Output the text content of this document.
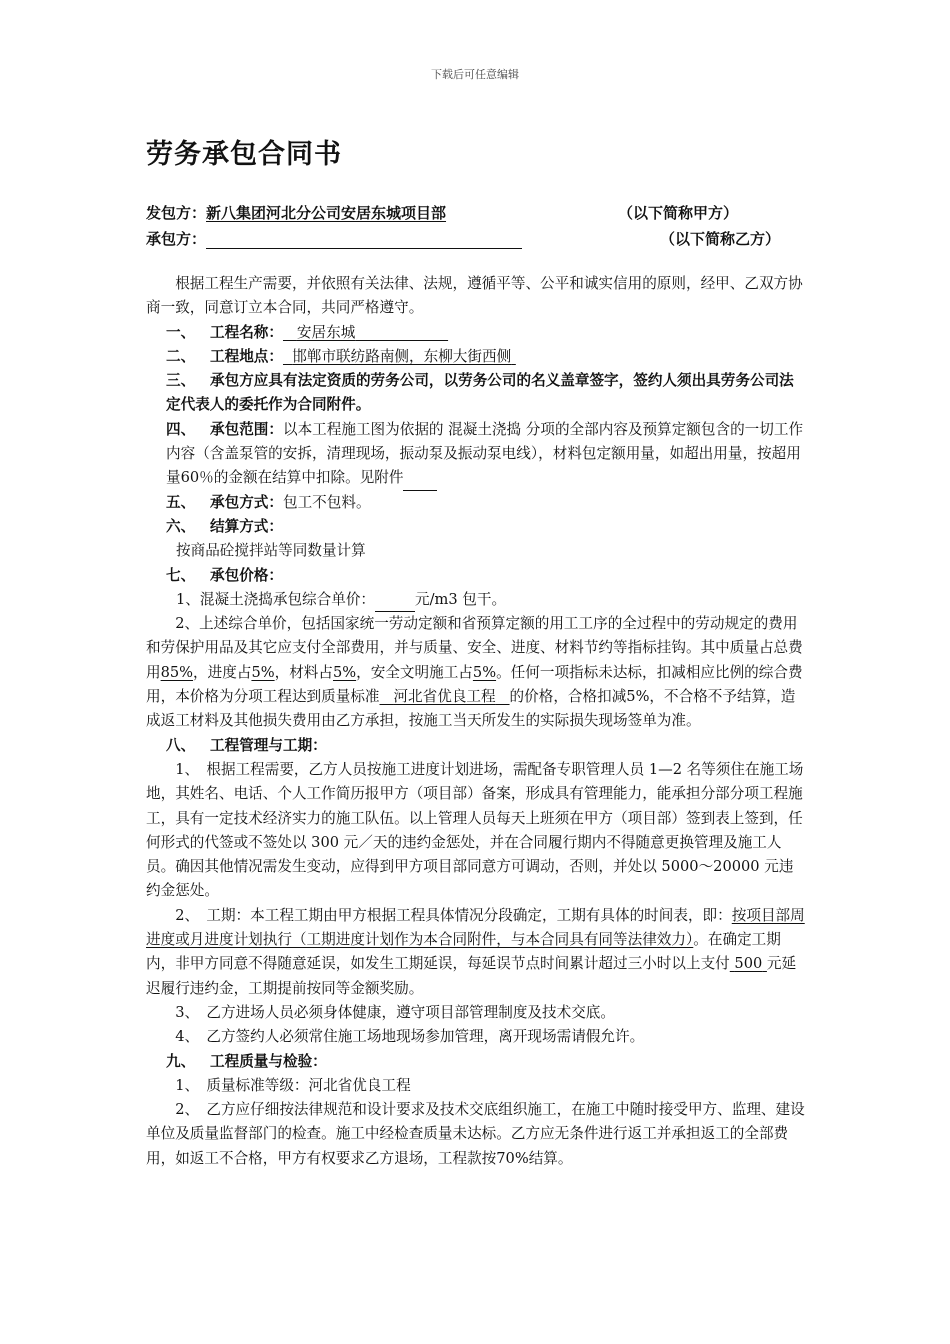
下载后可任意编辑
劳务承包合同书
发包方：新八集团河北分公司安居东城项目部	（以下简称甲方）
承包方：	（以下简称乙方）

根据工程生产需要，并依照有关法律、法规，遵循平等、公平和诚实信用的原则，经甲、乙双方协商一致，同意订立本合同，共同严格遵守。

一、 工程名称： 安居东城

二、 工程地点： 邯郸市联纺路南侧，东柳大街西侧

三、 承包方应具有法定资质的劳务公司，以劳务公司的名义盖章签字，签约人须出具劳务公司法定代表人的委托作为合同附件。

四、 承包范围：以本工程施工图为依据的 混凝土浇捣 分项的全部内容及预算定额包含的一切工作内容（含盖泵管的安拆，清理现场，振动泵及振动泵电线），材料包定额用量，如超出用量，按超用量60％的金额在结算中扣除。见附件

五、 承包方式：包工不包料。

六、 结算方式：

按商品砼搅拌站等同数量计算

七、 承包价格：

1、混凝土浇捣承包综合单价：	元/m3 包干。

2、上述综合单价，包括国家统一劳动定额和省预算定额的用工工序的全过程中的劳动规定的费用和劳保护用品及其它应支付全部费用，并与质量、安全、进度、材料节约等指标挂钩。其中质量占总费用85%，进度占5%，材料占5%，安全文明施工占5%。任何一项指标未达标，扣减相应比例的综合费用，本价格为分项工程达到质量标准 河北省优良工程 的价格，合格扣减5%，不合格不予结算，造成返工材料及其他损失费用由乙方承担，按施工当天所发生的实际损失现场签单为准。

八、 工程管理与工期：

1、　根据工程需要，乙方人员按施工进度计划进场，需配备专职管理人员 1—2 名等须住在施工场地，其姓名、电话、个人工作简历报甲方（项目部）备案，形成具有管理能力，能承担分部分项工程施工，具有一定技术经济实力的施工队伍。以上管理人员每天上班须在甲方（项目部）签到表上签到，任何形式的代签或不签处以 300 元／天的违约金惩处，并在合同履行期内不得随意更换管理及施工人员。确因其他情况需发生变动，应得到甲方项目部同意方可调动，否则，并处以 5000～20000 元违约金惩处。

2、　工期：本工程工期由甲方根据工程具体情况分段确定，工期有具体的时间表，即：按项目部周进度或月进度计划执行（工期进度计划作为本合同附件，与本合同具有同等法律效力）。在确定工期内，非甲方同意不得随意延误，如发生工期延误，每延误节点时间累计超过三小时以上支付 500 元延迟履行违约金，工期提前按同等金额奖励。

3、　乙方进场人员必须身体健康，遵守项目部管理制度及技术交底。

4、　乙方签约人必须常住施工场地现场参加管理，离开现场需请假允许。

九、 工程质量与检验：

1、　质量标准等级：河北省优良工程

2、　乙方应仔细按法律规范和设计要求及技术交底组织施工，在施工中随时接受甲方、监理、建设单位及质量监督部门的检查。施工中经检查质量未达标。乙方应无条件进行返工并承担返工的全部费用，如返工不合格，甲方有权要求乙方退场，工程款按70%结算。
